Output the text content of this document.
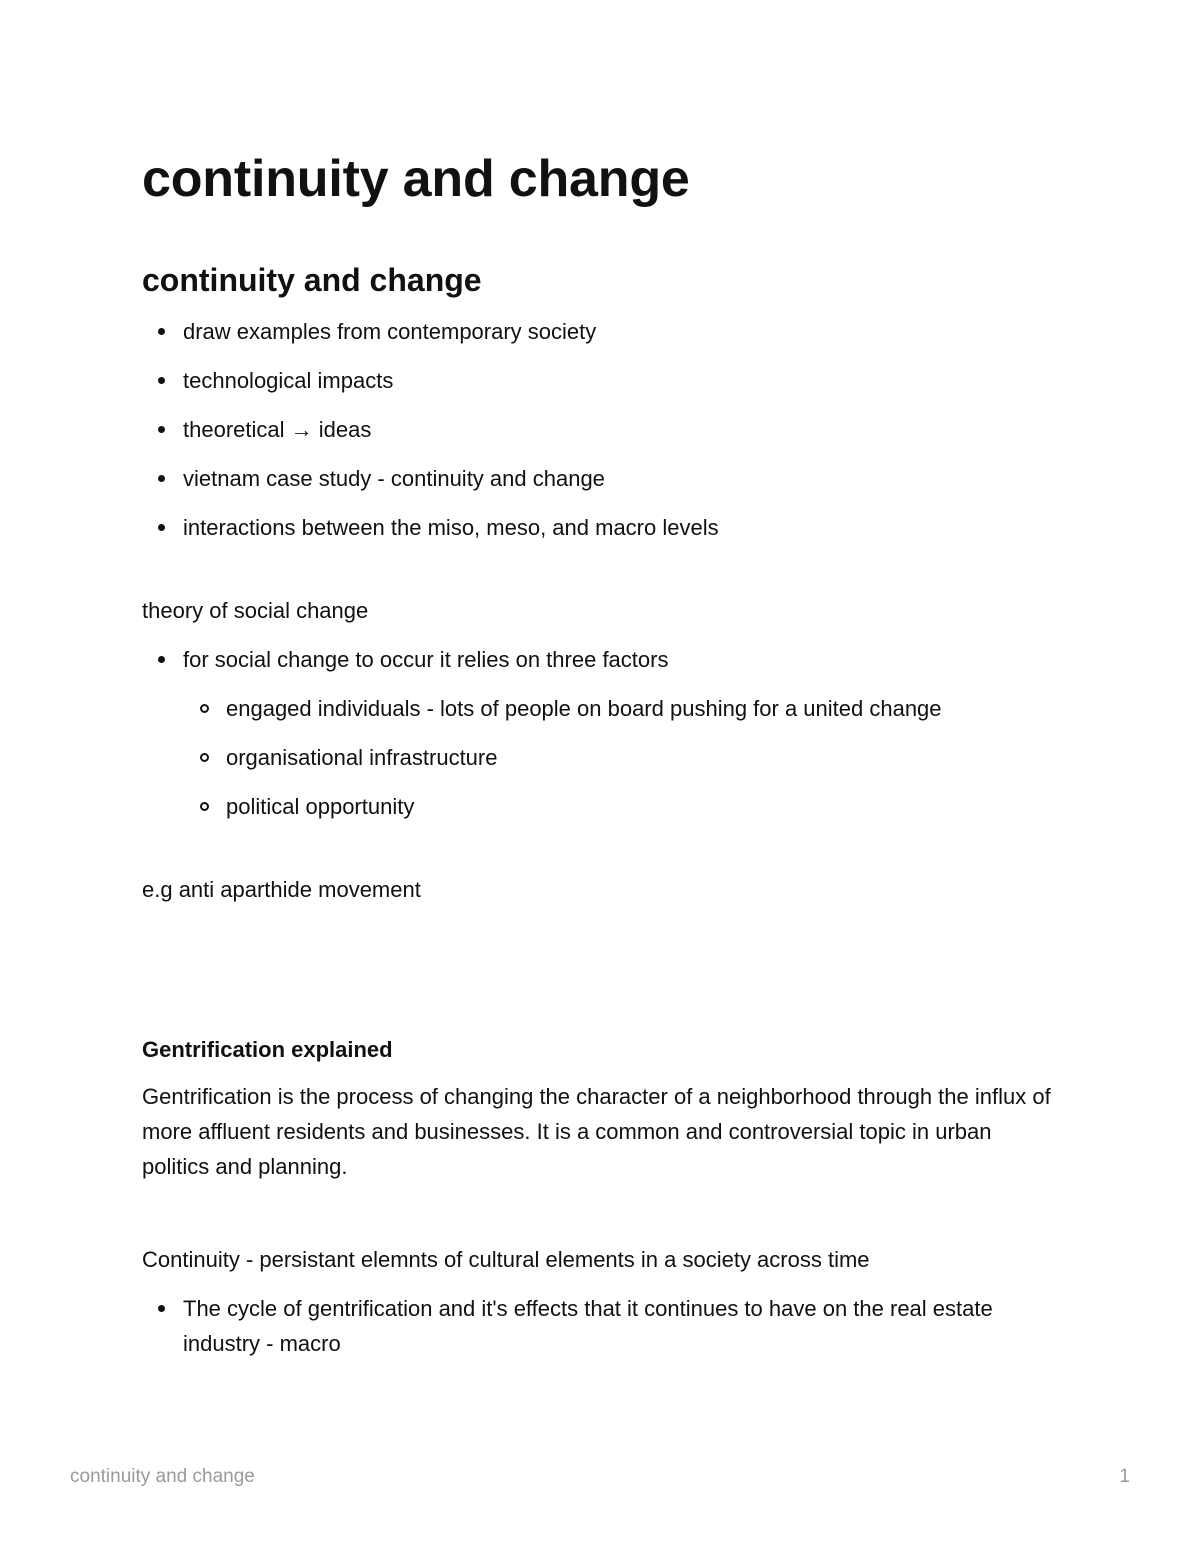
continuity and change
continuity and change
draw examples from contemporary society
technological impacts
theoretical → ideas
vietnam case study - continuity and change
interactions between the miso, meso, and macro levels

theory of social change

for social change to occur it relies on three factors
engaged individuals - lots of people on board pushing for a united change
organisational infrastructure
political opportunity

e.g anti aparthide movement

Gentrification explained

Gentrification is the process of changing the character of a neighborhood through the influx of more affluent residents and businesses. It is a common and controversial topic in urban politics and planning.

Continuity - persistant elemnts of cultural elements in a society across time

The cycle of gentrification and it's effects that it continues to have on the real estate industry - macro
continuity and change	1
